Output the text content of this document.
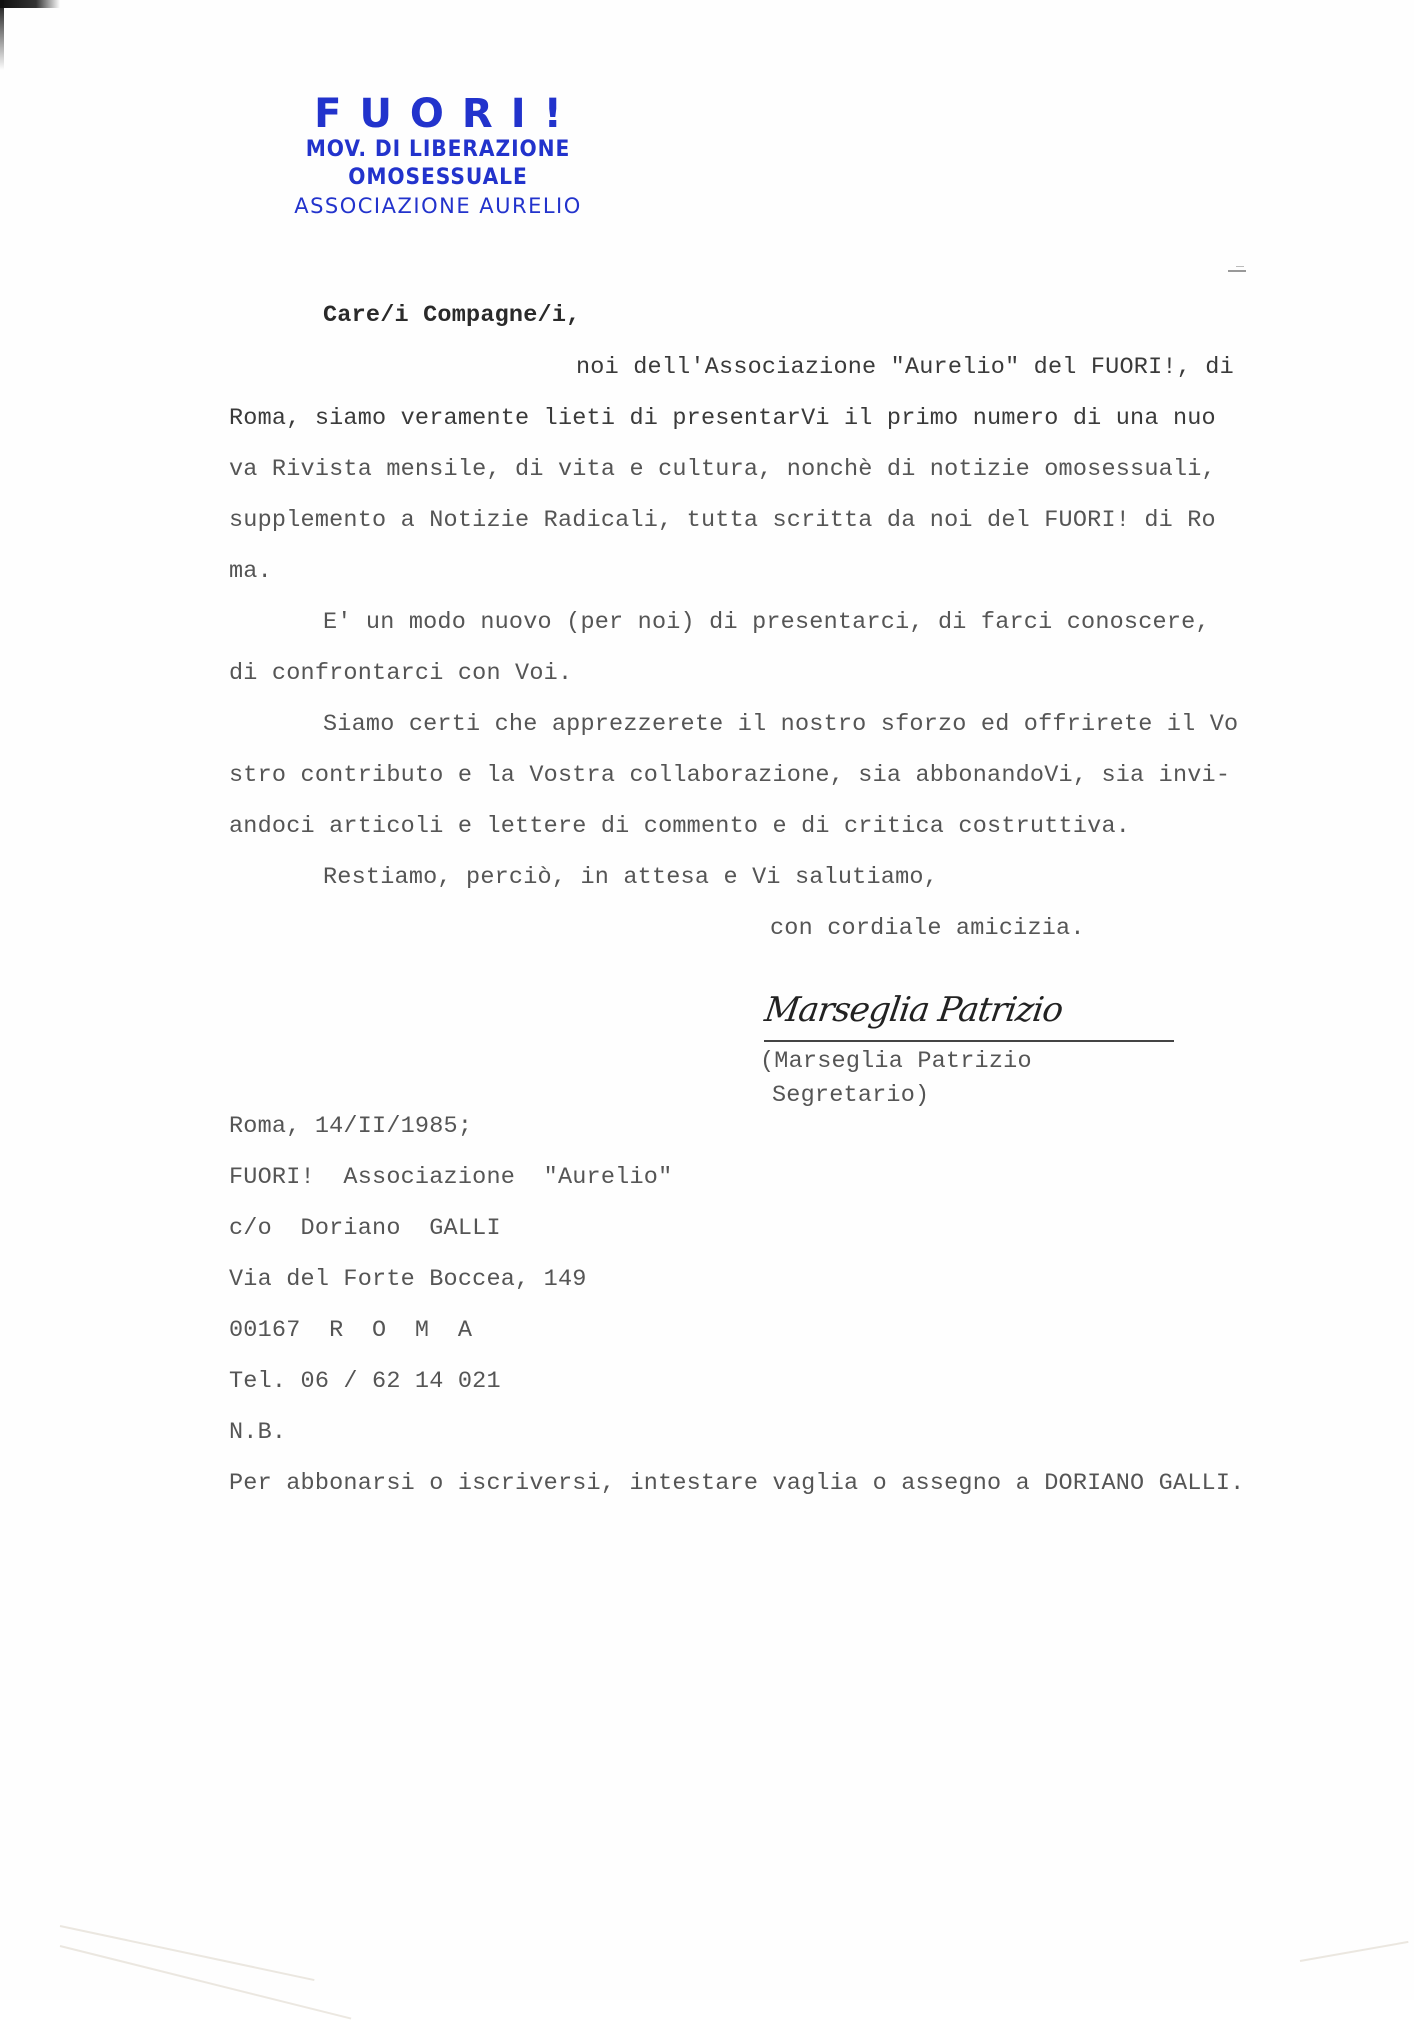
FUORI!
MOV. DI LIBERAZIONE OMOSESSUALE
ASSOCIAZIONE AURELIO
Care/i Compagne/i,
noi dell'Associazione "Aurelio" del FUORI!, di
Roma, siamo veramente lieti di presentarVi il primo numero di una nuo
va Rivista mensile, di vita e cultura, nonchè di notizie omosessuali,
supplemento a Notizie Radicali, tutta scritta da noi del FUORI! di Ro
ma.
E' un modo nuovo (per noi) di presentarci, di farci conoscere,
di confrontarci con Voi.
Siamo certi che apprezzerete il nostro sforzo ed offrirete il Vo
stro contributo e la Vostra collaborazione, sia abbonandoVi, sia invi-
andoci articoli e lettere di commento e di critica costruttiva.
Restiamo, perciò, in attesa e Vi salutiamo,
con cordiale amicizia.
Marseglia Patrizio
(Marseglia Patrizio
Segretario)
Roma, 14/II/1985;
FUORI!  Associazione  "Aurelio"
c/o  Doriano  GALLI
Via del Forte Boccea, 149
00167  R  O  M  A
Tel. 06 / 62 14 021
N.B.
Per abbonarsi o iscriversi, intestare vaglia o assegno a DORIANO GALLI.
